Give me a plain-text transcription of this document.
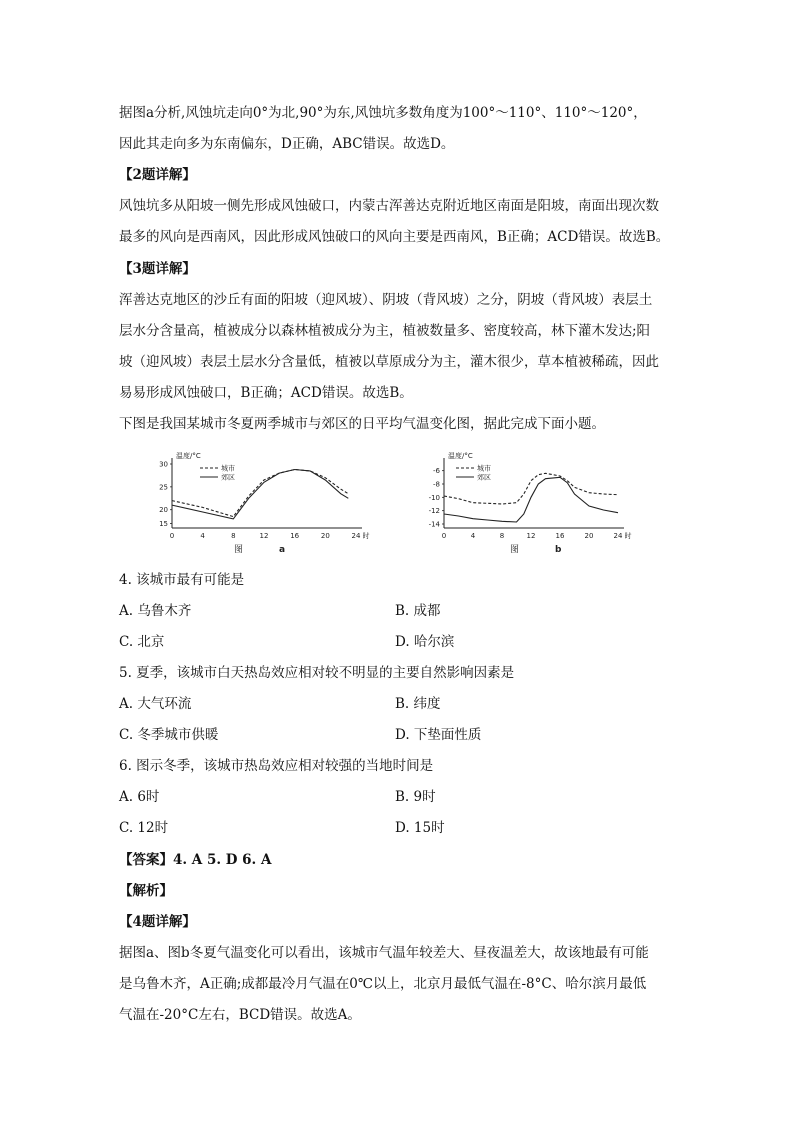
据图a分析,风蚀坑走向0°为北,90°为东,风蚀坑多数角度为100°～110°、110°～120°，
因此其走向多为东南偏东，D正确，ABC错误。故选D。
【2题详解】
风蚀坑多从阳坡一侧先形成风蚀破口，内蒙古浑善达克附近地区南面是阳坡，南面出现次数
最多的风向是西南风，因此形成风蚀破口的风向主要是西南风，B正确；ACD错误。故选B。
【3题详解】
浑善达克地区的沙丘有面的阳坡（迎风坡）、阴坡（背风坡）之分，阴坡（背风坡）表层土
层水分含量高，植被成分以森林植被成分为主，植被数量多、密度较高，林下灌木发达;阳
坡（迎风坡）表层土层水分含量低，植被以草原成分为主，灌木很少，草本植被稀疏，因此
易易形成风蚀破口，B正确；ACD错误。故选B。
下图是我国某城市冬夏两季城市与郊区的日平均气温变化图，据此完成下面小题。
温度/°C
20
15
25
30
0	4	8	12	16	20	24 时
图	a
城市
郊区
温度/°C
-6
-8
-10
-12
-14
0	4	8	12	16	20	24 时
图	b
城市
郊区
4. 该城市最有可能是
A. 乌鲁木齐	B. 成都
C. 北京	D. 哈尔滨
5. 夏季，该城市白天热岛效应相对较不明显的主要自然影响因素是
A. 大气环流	B. 纬度
C. 冬季城市供暖	D. 下垫面性质
6. 图示冬季，该城市热岛效应相对较强的当地时间是
A. 6时	B. 9时
C. 12时	D. 15时
【答案】4. A 5. D 6. A
【解析】
【4题详解】
据图a、图b冬夏气温变化可以看出，该城市气温年较差大、昼夜温差大，故该地最有可能
是乌鲁木齐，A正确;成都最冷月气温在0℃以上，北京月最低气温在-8°C、哈尔滨月最低
气温在-20°C左右，BCD错误。故选A。
